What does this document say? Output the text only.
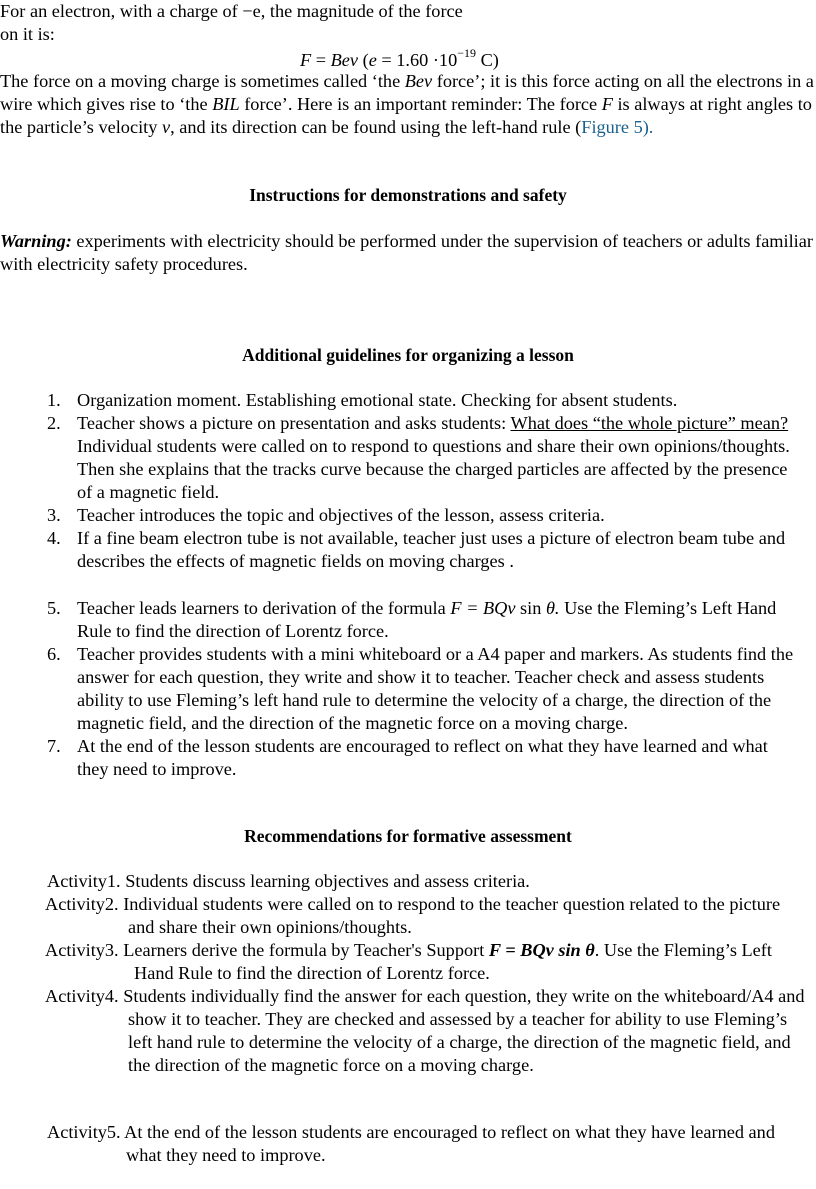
For an electron, with a charge of −e, the magnitude of the force on it is:

F = Bev ($e = 1.60 \cdot 10^{-19}$ C)

The force on a moving charge is sometimes called ‘the Bev force’; it is this force acting on all the electrons in a wire which gives rise to ‘the BIL force’. Here is an important reminder: The force F is always at right angles to the particle’s velocity v, and its direction can be found using the left-hand rule (Figure 5).

Instructions for demonstrations and safety

Warning: experiments with electricity should be performed under the supervision of teachers or adults familiar with electricity safety procedures.

Additional guidelines for organizing a lesson

1. Organization moment. Establishing emotional state. Checking for absent students.
2. Teacher shows a picture on presentation and asks students: What does “the whole picture” mean? Individual students were called on to respond to questions and share their own opinions/thoughts. Then she explains that the tracks curve because the charged particles are affected by the presence of a magnetic field.
3. Teacher introduces the topic and objectives of the lesson, assess criteria.
4. If a fine beam electron tube is not available, teacher just uses a picture of electron beam tube and describes the effects of magnetic fields on moving charges .
5. Teacher leads learners to derivation of the formula F = BQv sin θ. Use the Fleming’s Left Hand Rule to find the direction of Lorentz force.
6. Teacher provides students with a mini whiteboard or a A4 paper and markers. As students find the answer for each question, they write and show it to teacher. Teacher check and assess students ability to use Fleming’s left hand rule to determine the velocity of a charge, the direction of the magnetic field, and the direction of the magnetic force on a moving charge.
7. At the end of the lesson students are encouraged to reflect on what they have learned and what they need to improve.

Recommendations for formative assessment

Activity1. Students discuss learning objectives and assess criteria.

Activity2. Individual students were called on to respond to the teacher question related to the picture and share their own opinions/thoughts.

Activity3. Learners derive the formula by Teacher's Support F = BQv sin θ. Use the Fleming’s Left Hand Rule to find the direction of Lorentz force.

Activity4. Students individually find the answer for each question, they write on the whiteboard/A4 and show it to teacher. They are checked and assessed by a teacher for ability to use Fleming’s left hand rule to determine the velocity of a charge, the direction of the magnetic field, and the direction of the magnetic force on a moving charge.

Activity5. At the end of the lesson students are encouraged to reflect on what they have learned and what they need to improve.
